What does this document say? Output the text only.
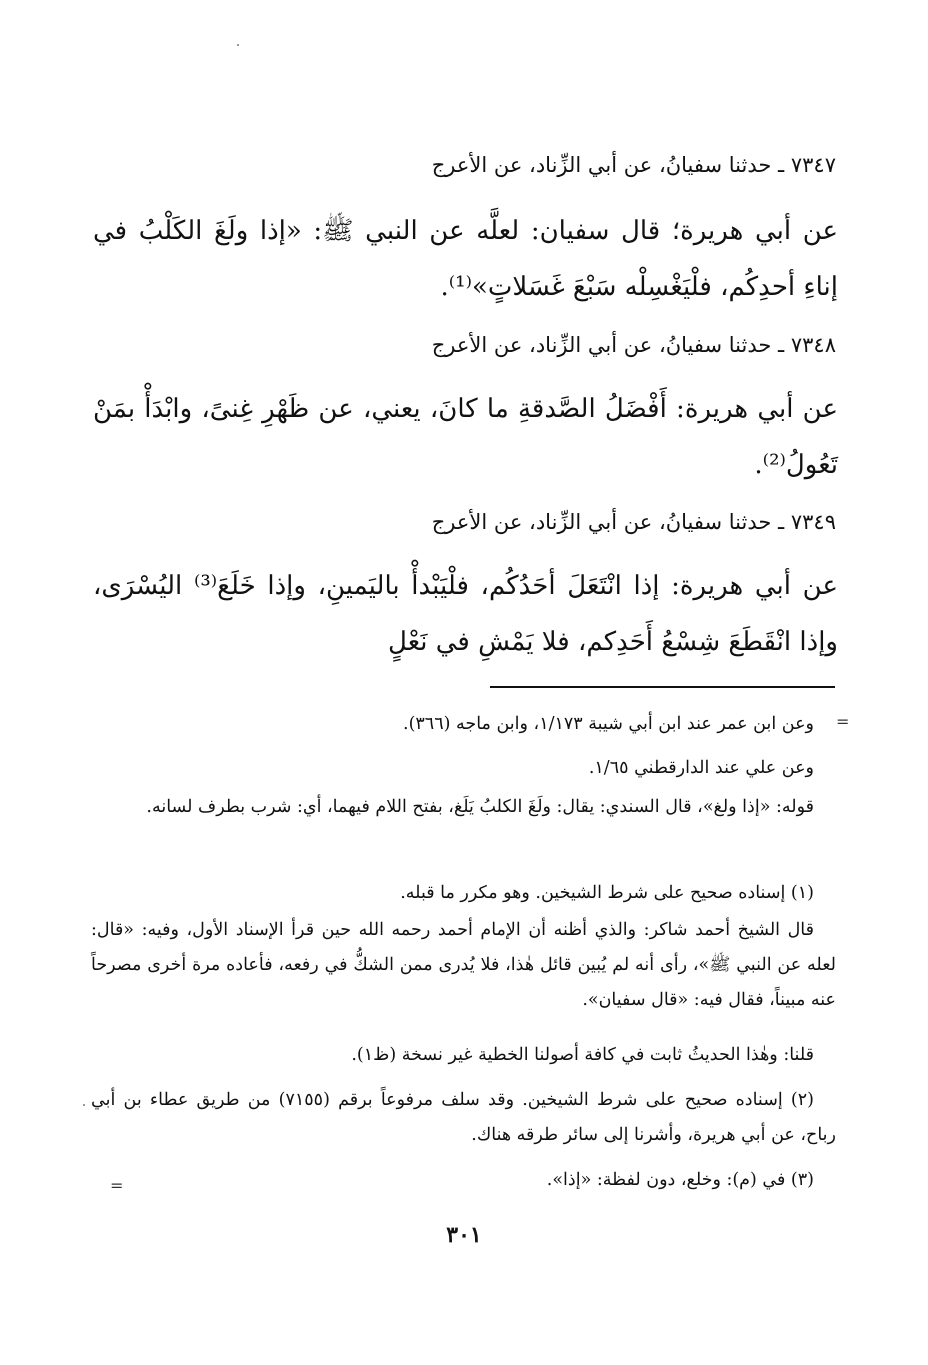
٧٣٤٧ ـ حدثنا سفيانُ، عن أبي الزِّناد، عن الأعرج
عن أبي هريرة؛ قال سفيان: لعلَّه عن النبي ﷺ: «إذا ولَغَ الكَلْبُ في إناءِ أحدِكُم، فلْيَغْسِلْه سَبْعَ غَسَلاتٍ»⁽¹⁾.
٧٣٤٨ ـ حدثنا سفيانُ، عن أبي الزِّناد، عن الأعرج
عن أبي هريرة: أَفْضَلُ الصَّدقةِ ما كانَ، يعني، عن ظَهْرِ غِنىً، وابْدَأْ بمَنْ تَعُولُ⁽²⁾.
٧٣٤٩ ـ حدثنا سفيانُ، عن أبي الزِّناد، عن الأعرج
عن أبي هريرة: إذا انْتَعَلَ أحَدُكُم، فلْيَبْدأْ باليَمينِ، وإذا خَلَعَ⁽³⁾ اليُسْرَى، وإذا انْقَطَعَ شِسْعُ أَحَدِكم، فلا يَمْشِ في نَعْلٍ
=
وعن ابن عمر عند ابن أبي شيبة ١/١٧٣، وابن ماجه (٣٦٦).
وعن علي عند الدارقطني ١/٦٥.
قوله: «إذا ولغ»، قال السندي: يقال: ولَغَ الكلبُ يَلَغ، بفتح اللام فيهما، أي: شرب بطرف لسانه.
(١) إسناده صحيح على شرط الشيخين. وهو مكرر ما قبله.
قال الشيخ أحمد شاكر: والذي أظنه أن الإمام أحمد رحمه الله حين قرأ الإسناد الأول، وفيه: «قال: لعله عن النبي ﷺ»، رأى أنه لم يُبين قائل هٰذا، فلا يُدرى ممن الشكُّ في رفعه، فأعاده مرة أخرى مصرحاً عنه مبيناً، فقال فيه: «قال سفيان».
قلنا: وهٰذا الحديثُ ثابت في كافة أصولنا الخطية غير نسخة (ظ١).
(٢) إسناده صحيح على شرط الشيخين. وقد سلف مرفوعاً برقم (٧١٥٥) من طريق عطاء بن أبي رباح، عن أبي هريرة، وأشرنا إلى سائر طرقه هناك.
(٣) في (م): وخلع، دون لفظة: «إذا».
=
٣٠١
